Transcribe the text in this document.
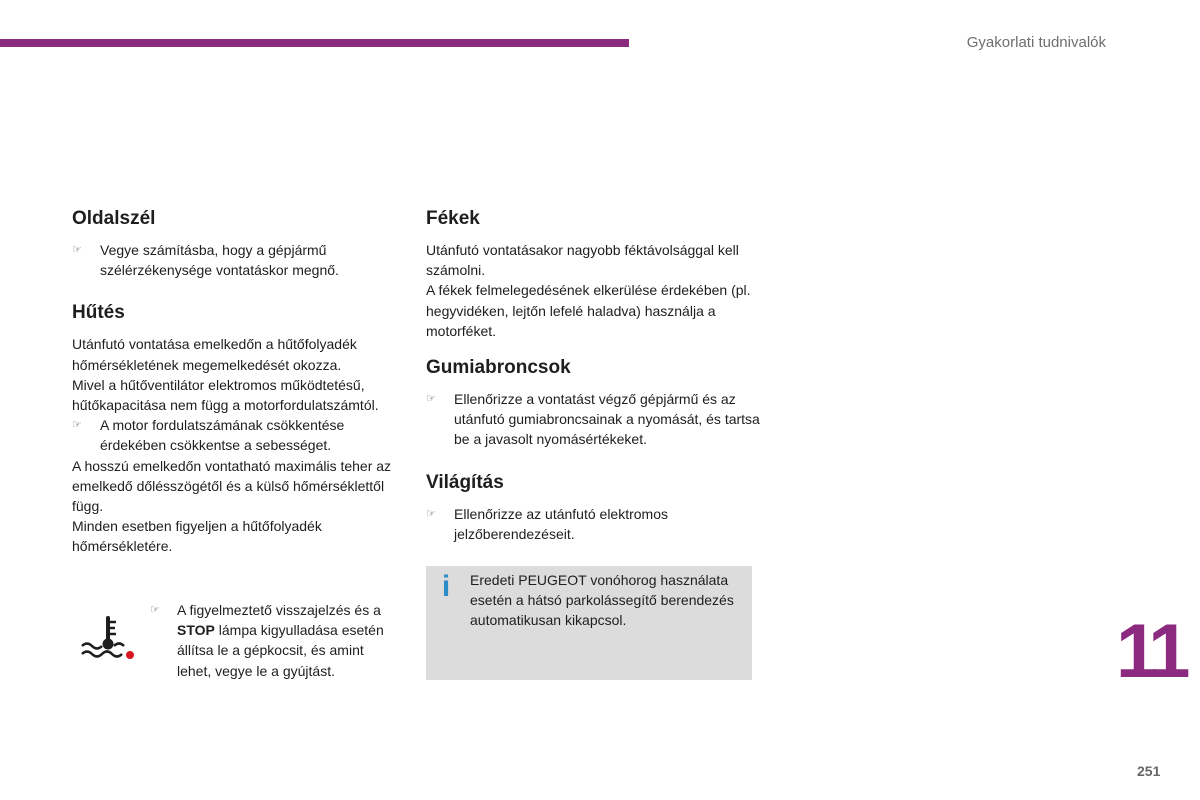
Gyakorlati tudnivalók
Oldalszél
☞	Vegye számításba, hogy a gépjármű szélérzékenysége vontatáskor megnő.
Hűtés

Utánfutó vontatása emelkedőn a hűtőfolyadék hőmérsékletének megemelkedését okozza.

Mivel a hűtőventilátor elektromos működtetésű, hűtőkapacitása nem függ a motorfordulatszámtól.

☞	A motor fordulatszámának csökkentése érdekében csökkentse a sebességet.

A hosszú emelkedőn vontatható maximális teher az emelkedő dőlésszögétől és a külső hőmérséklettől függ.

Minden esetben figyeljen a hűtőfolyadék hőmérsékletére.

☞	A figyelmeztető visszajelzés és a STOP lámpa kigyulladása esetén állítsa le a gépkocsit, és amint lehet, vegye le a gyújtást.
Fékek

Utánfutó vontatásakor nagyobb féktávolsággal kell számolni.

A fékek felmelegedésének elkerülése érdekében (pl. hegyvidéken, lejtőn lefelé haladva) használja a motorféket.

Gumiabroncsok
☞	Ellenőrizze a vontatást végző gépjármű és az utánfutó gumiabroncsainak a nyomását, és tartsa be a javasolt nyomásértékeket.
Világítás
☞	Ellenőrizze az utánfutó elektromos jelzőberendezéseit.
i Eredeti PEUGEOT vonóhorog használata esetén a hátsó parkolássegítő berendezés automatikusan kikapcsol.	11
251
